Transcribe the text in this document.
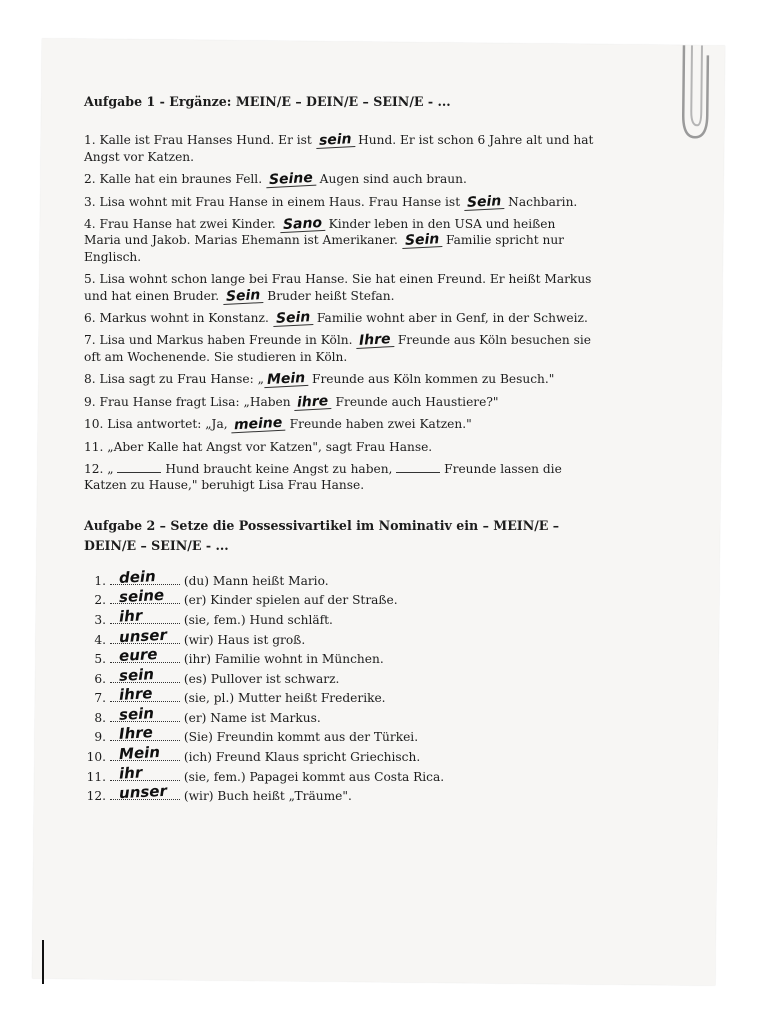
Aufgabe 1 - Ergänze: MEIN/E – DEIN/E – SEIN/E - ...
1. Kalle ist Frau Hanses Hund. Er ist sein Hund. Er ist schon 6 Jahre alt und hat Angst vor Katzen.
2. Kalle hat ein braunes Fell. Seine Augen sind auch braun.
3. Lisa wohnt mit Frau Hanse in einem Haus. Frau Hanse ist Sein Nachbarin.
4. Frau Hanse hat zwei Kinder. Sano Kinder leben in den USA und heißen Maria und Jakob. Marias Ehemann ist Amerikaner. Sein Familie spricht nur Englisch.
5. Lisa wohnt schon lange bei Frau Hanse. Sie hat einen Freund. Er heißt Markus und hat einen Bruder. Sein Bruder heißt Stefan.
6. Markus wohnt in Konstanz. Sein Familie wohnt aber in Genf, in der Schweiz.
7. Lisa und Markus haben Freunde in Köln. Ihre Freunde aus Köln besuchen sie oft am Wochenende. Sie studieren in Köln.
8. Lisa sagt zu Frau Hanse: „ Mein Freunde aus Köln kommen zu Besuch."
9. Frau Hanse fragt Lisa: „Haben ihre Freunde auch Haustiere?"
10. Lisa antwortet: „Ja, meine Freunde haben zwei Katzen."
11. „Aber Kalle hat Angst vor Katzen", sagt Frau Hanse.
12. „	Hund braucht keine Angst zu haben,	Freunde lassen die Katzen zu Hause," beruhigt Lisa Frau Hanse.
Aufgabe 2 – Setze die Possessivartikel im Nominativ ein – MEIN/E – DEIN/E – SEIN/E - ...
1. dein (du) Mann heißt Mario.
2. seine (er) Kinder spielen auf der Straße.
3. ihr	(sie, fem.) Hund schläft.
4. unser (wir) Haus ist groß.
5. eure (ihr) Familie wohnt in München.
6. sein (es) Pullover ist schwarz.
7. ihre	(sie, pl.) Mutter heißt Frederike.
8. sein (er) Name ist Markus.
9. Ihre	(Sie) Freundin kommt aus der Türkei.
10. Mein (ich) Freund Klaus spricht Griechisch.
11. ihr	(sie, fem.) Papagei kommt aus Costa Rica.
12. unser (wir) Buch heißt „Träume".
